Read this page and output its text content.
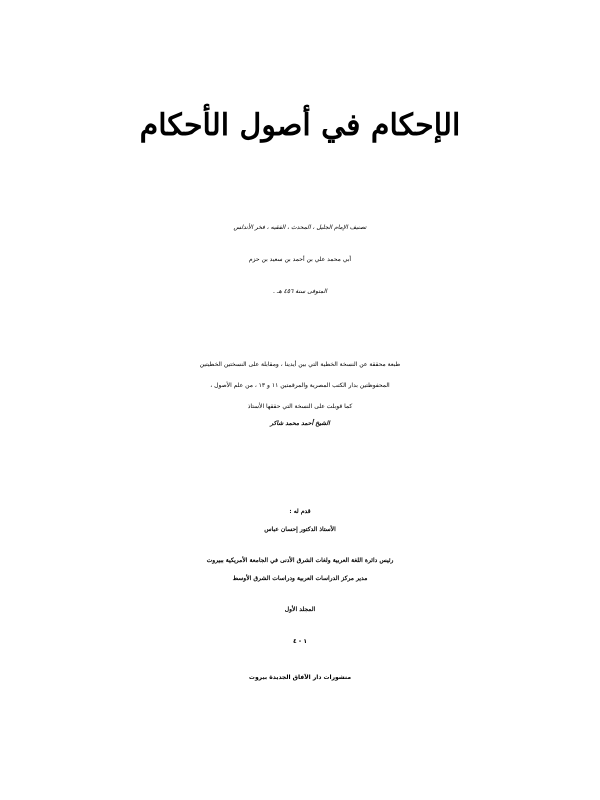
الإحكام في أصول الأحكام
تصنيف الإمام الجليل ، المحدث ، الفقيه ، فخر الأندلس
أبي محمد علي بن أحمد بن سعيد بن حزم
المتوفى سنة ٤٥٦ هـ .
طبعة محققة عن النسخة الخطية التي بين أيدينا ، ومقابلة على النسختين الخطيتين
المحفوظتين بدار الكتب المصرية والمرقمتين ١١ و ١٣ ، من علم الأصول ،
كما قوبلت على النسخة التي حققها الأستاذ
الشيخ أحمد محمد شاكر
قدم له :
الأستاذ الدكتور إحسان عباس
رئيس دائرة اللغة العربية ولغات الشرق الأدنى في الجامعة الأمريكية ببيروت
مدير مركز الدراسات العربية ودراسات الشرق الأوسط
المجلد الأول
١ - ٤
منشورات دار الآفاق الجديدة بيروت
